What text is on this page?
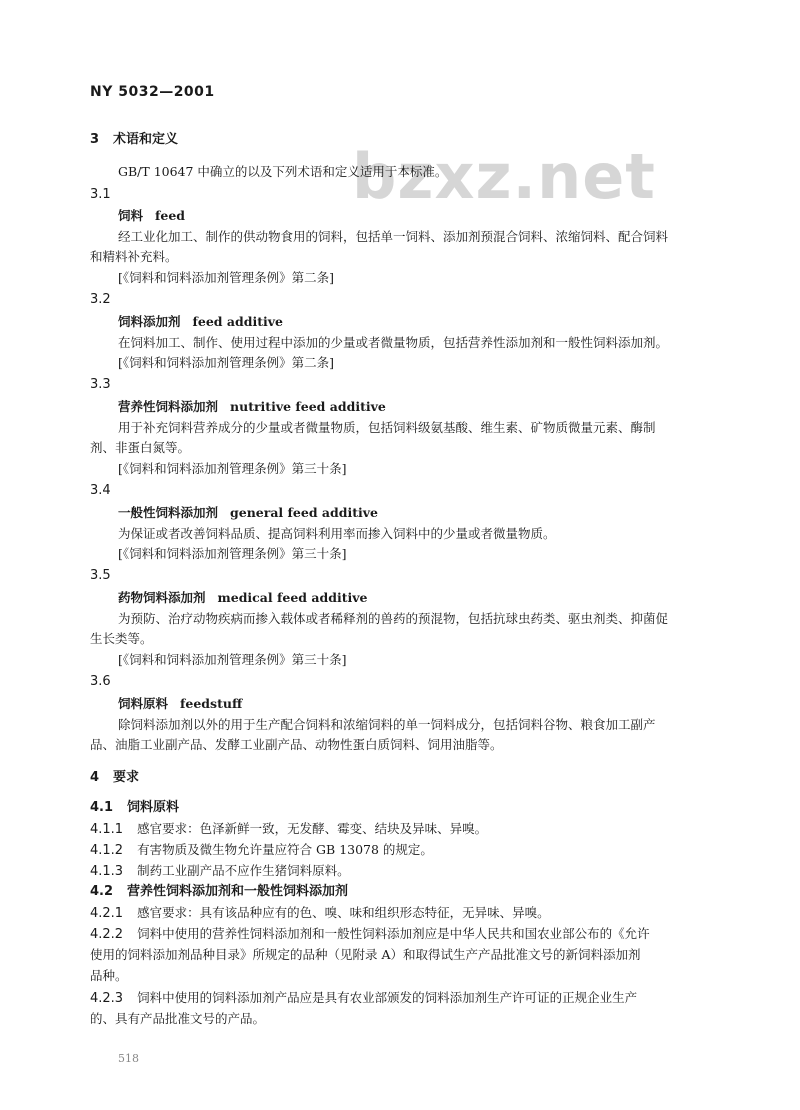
bzxz.net
NY 5032—2001
3 术语和定义
GB/T 10647 中确立的以及下列术语和定义适用于本标准。
3.1
饲料 feed
经工业化加工、制作的供动物食用的饲料，包括单一饲料、添加剂预混合饲料、浓缩饲料、配合饲料
和精料补充料。
[《饲料和饲料添加剂管理条例》第二条]
3.2
饲料添加剂 feed additive
在饲料加工、制作、使用过程中添加的少量或者微量物质，包括营养性添加剂和一般性饲料添加剂。
[《饲料和饲料添加剂管理条例》第二条]
3.3
营养性饲料添加剂 nutritive feed additive
用于补充饲料营养成分的少量或者微量物质，包括饲料级氨基酸、维生素、矿物质微量元素、酶制
剂、非蛋白氮等。
[《饲料和饲料添加剂管理条例》第三十条]
3.4
一般性饲料添加剂 general feed additive
为保证或者改善饲料品质、提高饲料利用率而掺入饲料中的少量或者微量物质。
[《饲料和饲料添加剂管理条例》第三十条]
3.5
药物饲料添加剂 medical feed additive
为预防、治疗动物疾病而掺入载体或者稀释剂的兽药的预混物，包括抗球虫药类、驱虫剂类、抑菌促
生长类等。
[《饲料和饲料添加剂管理条例》第三十条]
3.6
饲料原料 feedstuff
除饲料添加剂以外的用于生产配合饲料和浓缩饲料的单一饲料成分，包括饲料谷物、粮食加工副产
品、油脂工业副产品、发酵工业副产品、动物性蛋白质饲料、饲用油脂等。
4 要求
4.1 饲料原料
4.1.1 感官要求：色泽新鲜一致，无发酵、霉变、结块及异味、异嗅。
4.1.2 有害物质及微生物允许量应符合 GB 13078 的规定。
4.1.3 制药工业副产品不应作生猪饲料原料。
4.2 营养性饲料添加剂和一般性饲料添加剂
4.2.1 感官要求：具有该品种应有的色、嗅、味和组织形态特征，无异味、异嗅。
4.2.2 饲料中使用的营养性饲料添加剂和一般性饲料添加剂应是中华人民共和国农业部公布的《允许
使用的饲料添加剂品种目录》所规定的品种（见附录 A）和取得试生产产品批准文号的新饲料添加剂
品种。
4.2.3 饲料中使用的饲料添加剂产品应是具有农业部颁发的饲料添加剂生产许可证的正规企业生产
的、具有产品批准文号的产品。
518
